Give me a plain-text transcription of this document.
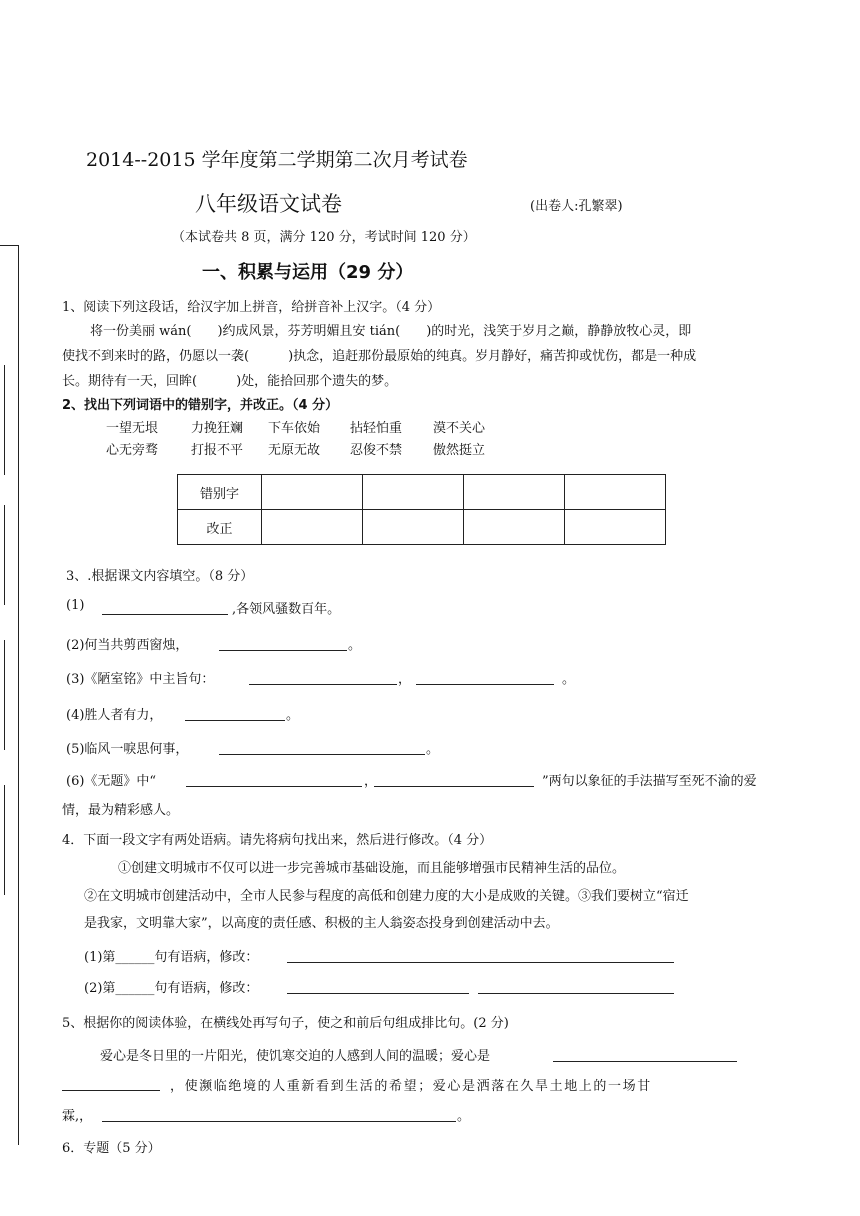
2014--2015 学年度第二学期第二次月考试卷
八年级语文试卷	(出卷人:孔繁翠)
（本试卷共 8 页，满分 120 分，考试时间 120 分）
一、积累与运用（29 分）
1、阅读下列这段话，给汉字加上拼音，给拼音补上汉字。（4 分）
将一份美丽 wán(　　)约成风景，芬芳明媚且安 tián(　　)的时光，浅笑于岁月之巅，静静放牧心灵，即
使找不到来时的路，仍愿以一袭(　　　)执念，追赶那份最原始的纯真。岁月静好，痛苦抑或忧伤，都是一种成
长。期待有一天，回眸(　　　)处，能拾回那个遗失的梦。
2、找出下列词语中的错别字，并改正。（4 分）
一望无垠	力挽狂斓 下车依始 拈轻怕重 漠不关心
心无旁骛	打报不平 无原无故 忍俊不禁 傲然挺立
错别字				
改正				
3、.根据课文内容填空。（8 分）
(1)	,各领风骚数百年。
(2)何当共剪西窗烛，	。
(3)《陋室铭》中主旨句：	，	。
(4)胜人者有力，	。
(5)临风一唳思何事，	。
(6)《无题》中“	，	”两句以象征的手法描写至死不渝的爱
情，最为精彩感人。
4．下面一段文字有两处语病。请先将病句找出来，然后进行修改。（4 分）
①创建文明城市不仅可以进一步完善城市基础设施，而且能够增强市民精神生活的品位。
②在文明城市创建活动中，全市人民参与程度的高低和创建力度的大小是成败的关键。③我们要树立“宿迁
是我家，文明靠大家”，以高度的责任感、积极的主人翁姿态投身到创建活动中去。
(1)第______句有语病，修改：
(2)第______句有语病，修改：
5、根据你的阅读体验，在横线处再写句子，使之和前后句组成排比句。(2 分)
爱心是冬日里的一片阳光，使饥寒交迫的人感到人间的温暖；爱心是
，使濒临绝境的人重新看到生活的希望；爱心是洒落在久旱土地上的一场甘
霖,，	。
6．专题（5 分）
